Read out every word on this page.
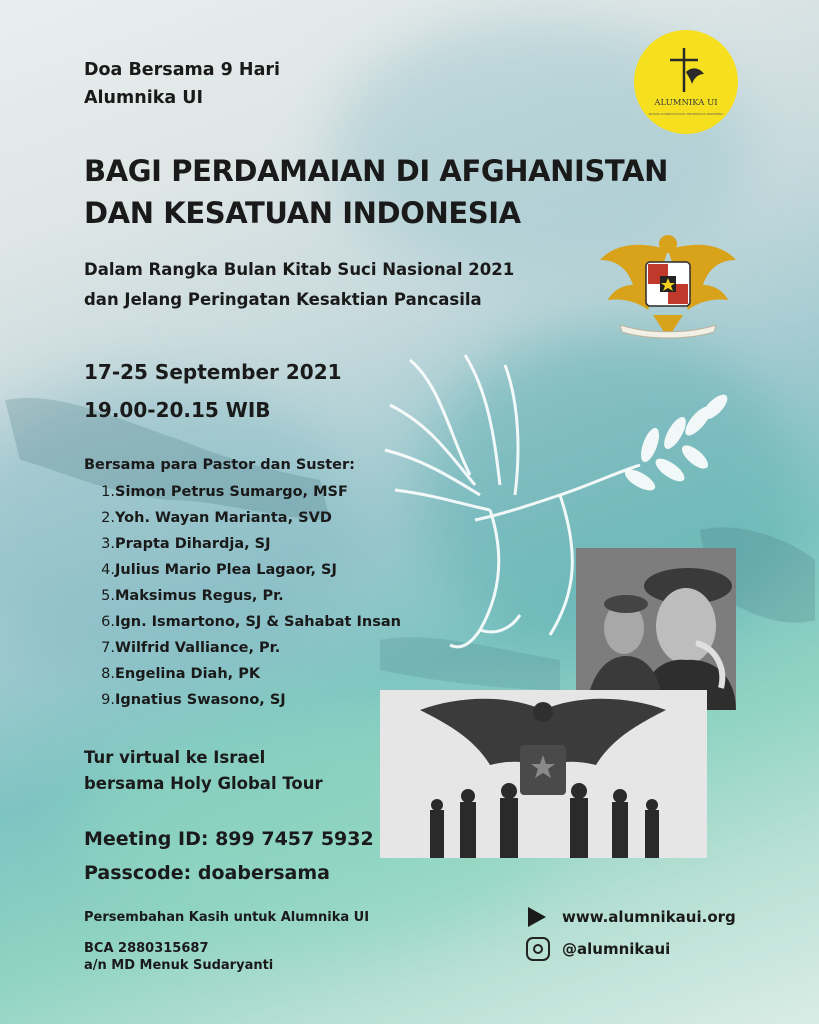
Doa Bersama 9 Hari
Alumnika UI	ALUMNIKA UI
IKATAN ALUMNI KATOLIK UNIVERSITAS INDONESIA
BAGI PERDAMAIAN DI AFGHANISTAN
DAN KESATUAN INDONESIA
Dalam Rangka Bulan Kitab Suci Nasional 2021
dan Jelang Peringatan Kesaktian Pancasila
17-25 September 2021
19.00-20.15 WIB
Bersama para Pastor dan Suster:
1.Simon Petrus Sumargo, MSF
2.Yoh. Wayan Marianta, SVD
3.Prapta Dihardja, SJ
4.Julius Mario Plea Lagaor, SJ
5.Maksimus Regus, Pr.
6.Ign. Ismartono, SJ & Sahabat Insan
7.Wilfrid Valliance, Pr.
8.Engelina Diah, PK
9.Ignatius Swasono, SJ
Tur virtual ke Israel
bersama Holy Global Tour
Meeting ID: 899 7457 5932
Passcode: doabersama
Persembahan Kasih untuk Alumnika UI
BCA 2880315687
a/n MD Menuk Sudaryanti
www.alumnikaui.org
@alumnikaui
